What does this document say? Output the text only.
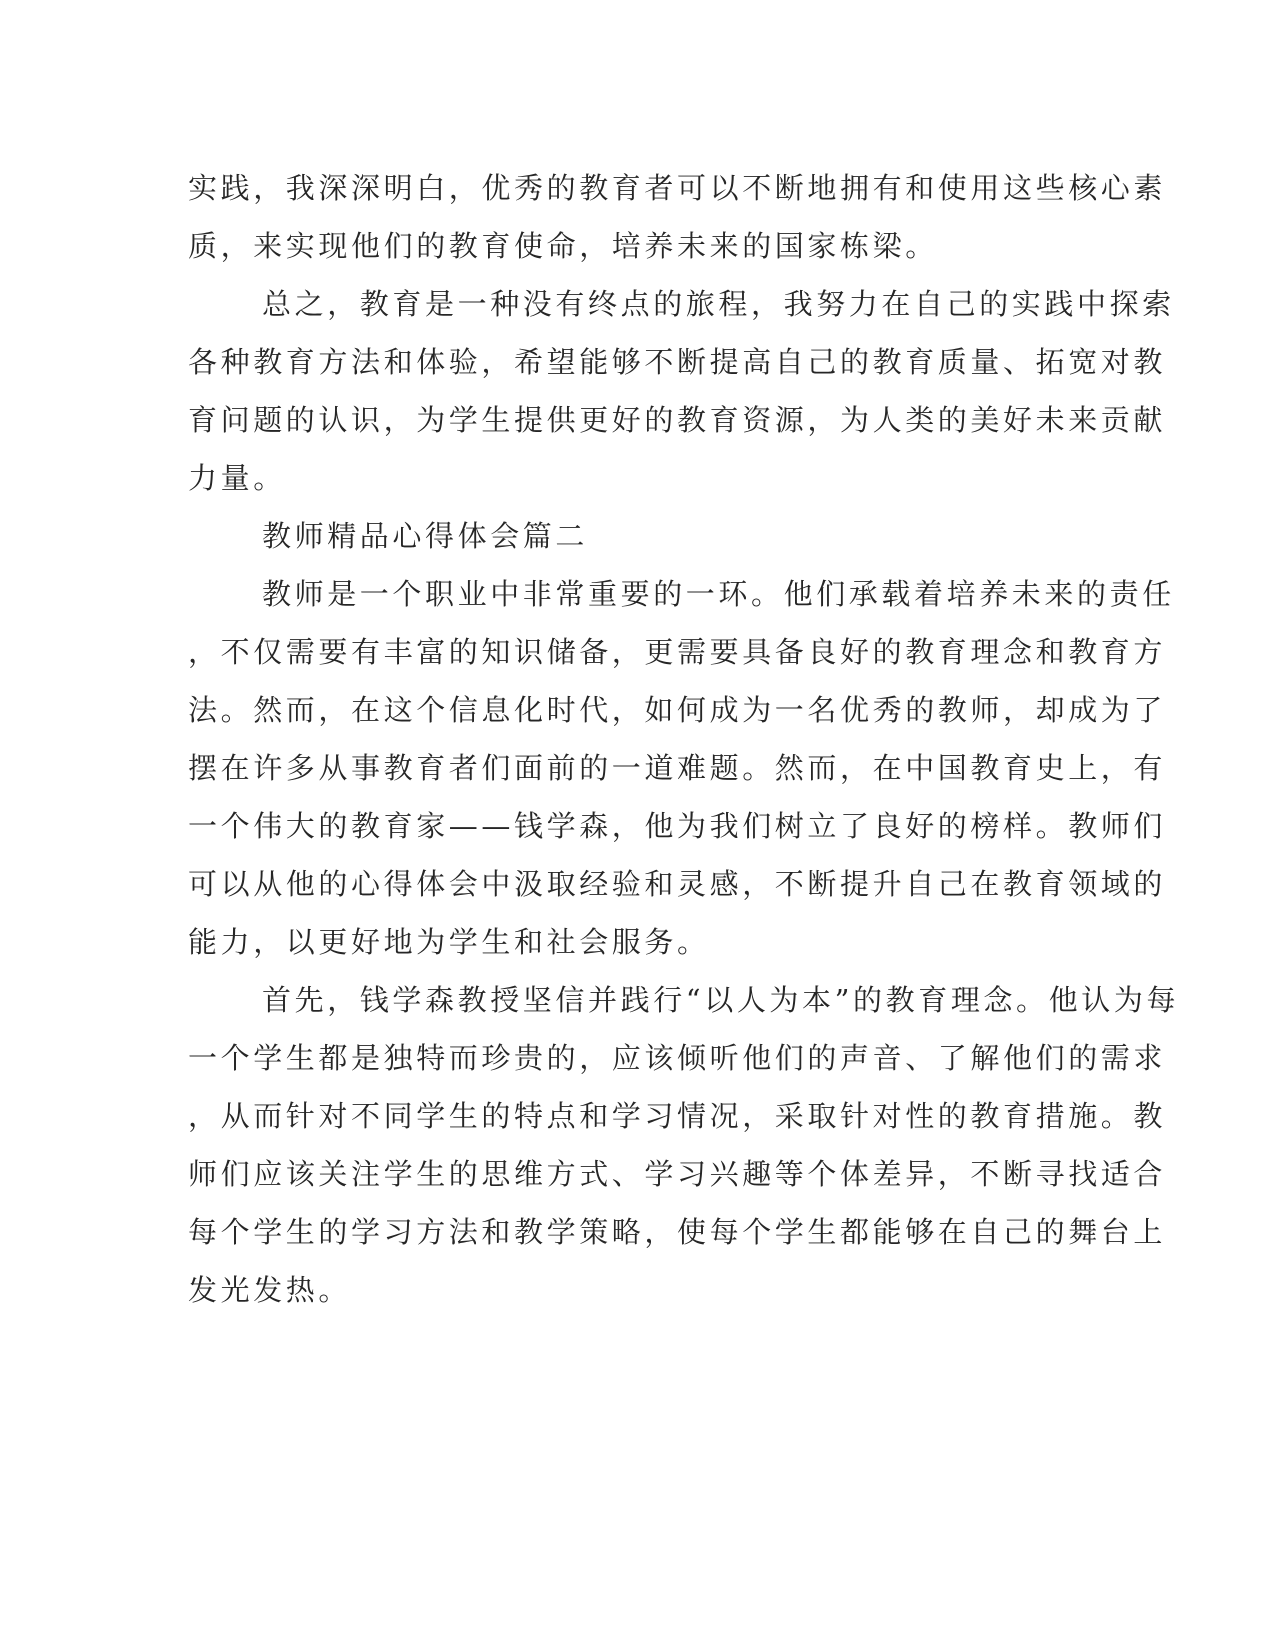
实践，我深深明白，优秀的教育者可以不断地拥有和使用这些核心素
质，来实现他们的教育使命，培养未来的国家栋梁。
总之，教育是一种没有终点的旅程，我努力在自己的实践中探索
各种教育方法和体验，希望能够不断提高自己的教育质量、拓宽对教
育问题的认识，为学生提供更好的教育资源，为人类的美好未来贡献
力量。
教师精品心得体会篇二
教师是一个职业中非常重要的一环。他们承载着培养未来的责任
，不仅需要有丰富的知识储备，更需要具备良好的教育理念和教育方
法。然而，在这个信息化时代，如何成为一名优秀的教师，却成为了
摆在许多从事教育者们面前的一道难题。然而，在中国教育史上，有
一个伟大的教育家——钱学森，他为我们树立了良好的榜样。教师们
可以从他的心得体会中汲取经验和灵感，不断提升自己在教育领域的
能力，以更好地为学生和社会服务。
首先，钱学森教授坚信并践行“以人为本”的教育理念。他认为每
一个学生都是独特而珍贵的，应该倾听他们的声音、了解他们的需求
，从而针对不同学生的特点和学习情况，采取针对性的教育措施。教
师们应该关注学生的思维方式、学习兴趣等个体差异，不断寻找适合
每个学生的学习方法和教学策略，使每个学生都能够在自己的舞台上
发光发热。
